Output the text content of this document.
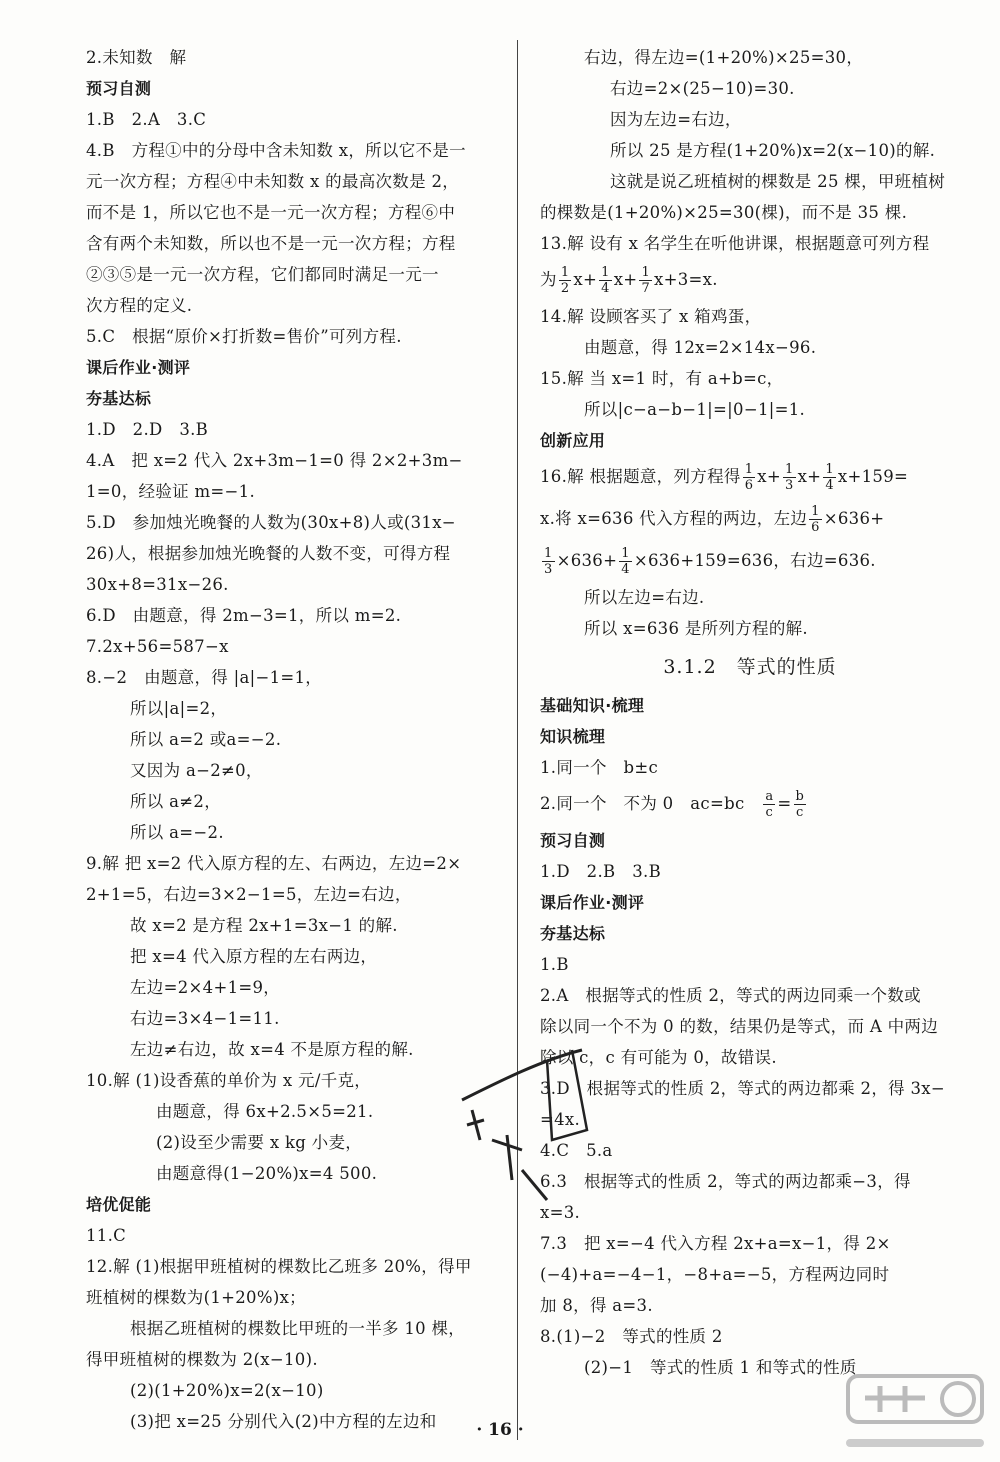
2.未知数　解
预习自测
1.B　2.A　3.C
4.B　方程①中的分母中含未知数 x，所以它不是一
元一次方程；方程④中未知数 x 的最高次数是 2，
而不是 1，所以它也不是一元一次方程；方程⑥中
含有两个未知数，所以也不是一元一次方程；方程
②③⑤是一元一次方程，它们都同时满足一元一
次方程的定义.
5.C　根据“原价×打折数=售价”可列方程.
课后作业·测评
夯基达标
1.D　2.D　3.B
4.A　把 x=2 代入 2x+3m−1=0 得 2×2+3m−
1=0，经验证 m=−1.
5.D　参加烛光晚餐的人数为(30x+8)人或(31x−
26)人，根据参加烛光晚餐的人数不变，可得方程
30x+8=31x−26.
6.D　由题意，得 2m−3=1，所以 m=2.
7.2x+56=587−x
8.−2　由题意，得 |a|−1=1，
所以|a|=2，
所以 a=2 或a=−2.
又因为 a−2≠0，
所以 a≠2，
所以 a=−2.
9.解 把 x=2 代入原方程的左、右两边，左边=2×
2+1=5，右边=3×2−1=5，左边=右边，
故 x=2 是方程 2x+1=3x−1 的解.
把 x=4 代入原方程的左右两边，
左边=2×4+1=9，
右边=3×4−1=11.
左边≠右边，故 x=4 不是原方程的解.
10.解 (1)设香蕉的单价为 x 元/千克，
由题意，得 6x+2.5×5=21.
(2)设至少需要 x kg 小麦，
由题意得(1−20%)x=4 500.
培优促能
11.C
12.解 (1)根据甲班植树的棵数比乙班多 20%，得甲
班植树的棵数为(1+20%)x；
根据乙班植树的棵数比甲班的一半多 10 棵，
得甲班植树的棵数为 2(x−10).
(2)(1+20%)x=2(x−10)
(3)把 x=25 分别代入(2)中方程的左边和
右边，得左边=(1+20%)×25=30，
右边=2×(25−10)=30.
因为左边=右边，
所以 25 是方程(1+20%)x=2(x−10)的解.
这就是说乙班植树的棵数是 25 棵，甲班植树
的棵数是(1+20%)×25=30(棵)，而不是 35 棵.
13.解 设有 x 名学生在听他讲课，根据题意可列方程
为 $\frac{1}{2} x+ \frac{1}{4} x+ \frac{1}{7} x+3=x$.
14.解 设顾客买了 x 箱鸡蛋，
由题意，得 12x=2×14x−96.
15.解 当 x=1 时，有 a+b=c，
所以|c−a−b−1|=|0−1|=1.
创新应用
16.解 根据题意，列方程得 $\frac{1}{6} x+ \frac{1}{3} x+ \frac{1}{4} x+159=$
x.将 x=636 代入方程的两边，左边 $\frac{1}{6} \times 636+$
$\frac{1}{3} \times 636+ \frac{1}{4} \times 636+159=636$，右边=636.
所以左边=右边.
所以 x=636 是所列方程的解.
3.1.2　等式的性质
基础知识·梳理
知识梳理
1.同一个　b±c
2.同一个　不为 0　ac=bc　 $\frac{a}{c} = \frac{b}{c}$
预习自测
1.D　2.B　3.B
课后作业·测评
夯基达标
1.B
2.A　根据等式的性质 2，等式的两边同乘一个数或
除以同一个不为 0 的数，结果仍是等式，而 A 中两边
除以 c，c 有可能为 0，故错误.
3.D　根据等式的性质 2，等式的两边都乘 2，得 3x−
=4x.
4.C　5.a
6.3　根据等式的性质 2，等式的两边都乘−3，得
x=3.
7.3　把 x=−4 代入方程 2x+a=x−1，得 2×
(−4)+a=−4−1，−8+a=−5，方程两边同时
加 8，得 a=3.
8.(1)−2　等式的性质 2
(2)−1　等式的性质 1 和等式的性质
· 16 ·
